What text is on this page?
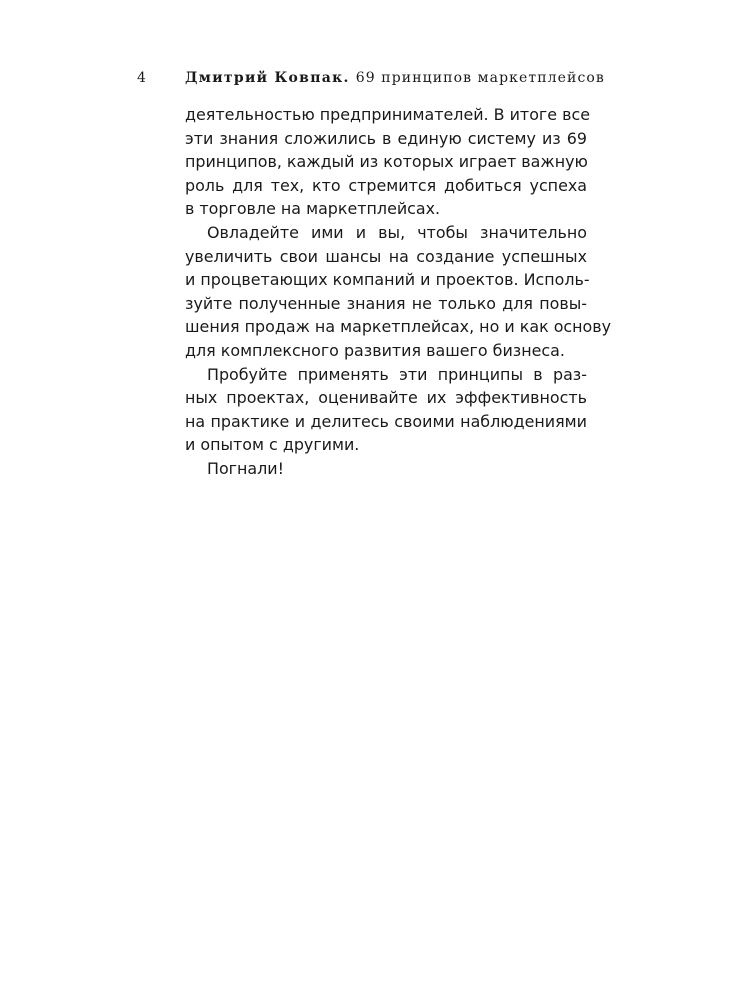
4	Дмитрий Ковпак. 69 принципов маркетплейсов

деятельностью предпринимателей. В итоге все
эти знания сложились в единую систему из 69
принципов, каждый из которых играет важную
роль для тех, кто стремится добиться успеха
в торговле на маркетплейсах.

Овладейте ими и вы, чтобы значительно
увеличить свои шансы на создание успешных
и процветающих компаний и проектов. Исполь-
зуйте полученные знания не только для повы-
шения продаж на маркетплейсах, но и как основу
для комплексного развития вашего бизнеса.

Пробуйте применять эти принципы в раз-
ных проектах, оценивайте их эффективность
на практике и делитесь своими наблюдениями
и опытом с другими.

Погнали!
